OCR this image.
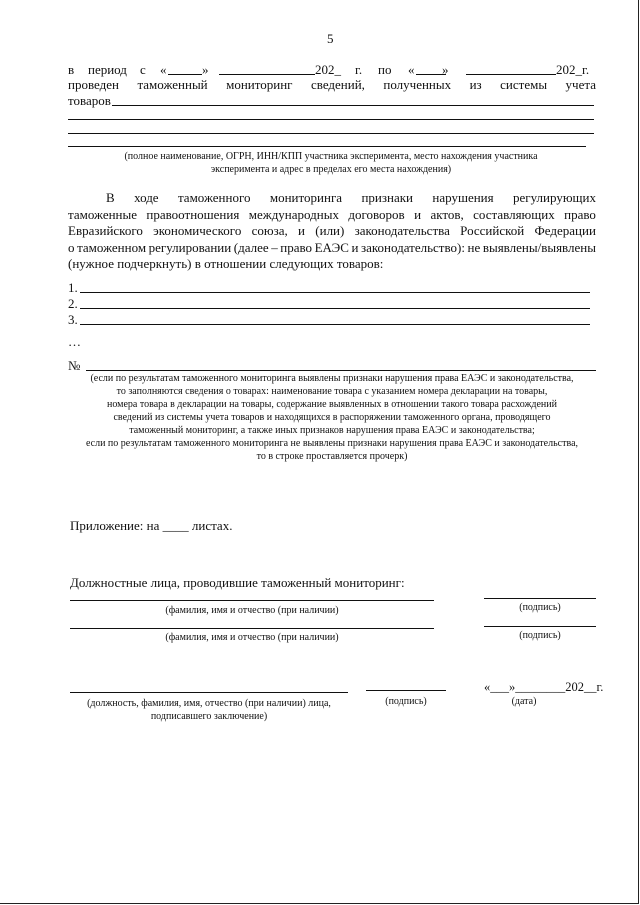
5
в период с «	»	202_ г. по « »	202_г.
проведен таможенный мониторинг сведений, полученных из системы учета
товаров
(полное наименование, ОГРН, ИНН/КПП участника эксперимента, место нахождения участника
эксперимента и адрес в пределах его места нахождения)
В ходе таможенного мониторинга признаки нарушения регулирующих
таможенные правоотношения международных договоров и актов, составляющих право
Евразийского экономического союза, и (или) законодательства Российской Федерации
о таможенном регулировании (далее – право ЕАЭС и законодательство): не выявлены/выявлены
(нужное подчеркнуть) в отношении следующих товаров:
1.
2.
3.
…
№
(если по результатам таможенного мониторинга выявлены признаки нарушения права ЕАЭС и законодательства,
то заполняются сведения о товарах: наименование товара с указанием номера декларации на товары,
номера товара в декларации на товары, содержание выявленных в отношении такого товара расхождений
сведений из системы учета товаров и находящихся в распоряжении таможенного органа, проводящего
таможенный мониторинг, а также иных признаков нарушения права ЕАЭС и законодательства;
если по результатам таможенного мониторинга не выявлены признаки нарушения права ЕАЭС и законодательства,
то в строке проставляется прочерк)
Приложение: на ____ листах.
Должностные лица, проводившие таможенный мониторинг:
(фамилия, имя и отчество (при наличии)	(подпись)
(фамилия, имя и отчество (при наличии)	(подпись)
«___»________202__г.
(должность, фамилия, имя, отчество (при наличии) лица,
подписавшего заключение)
(подпись)	(дата)
